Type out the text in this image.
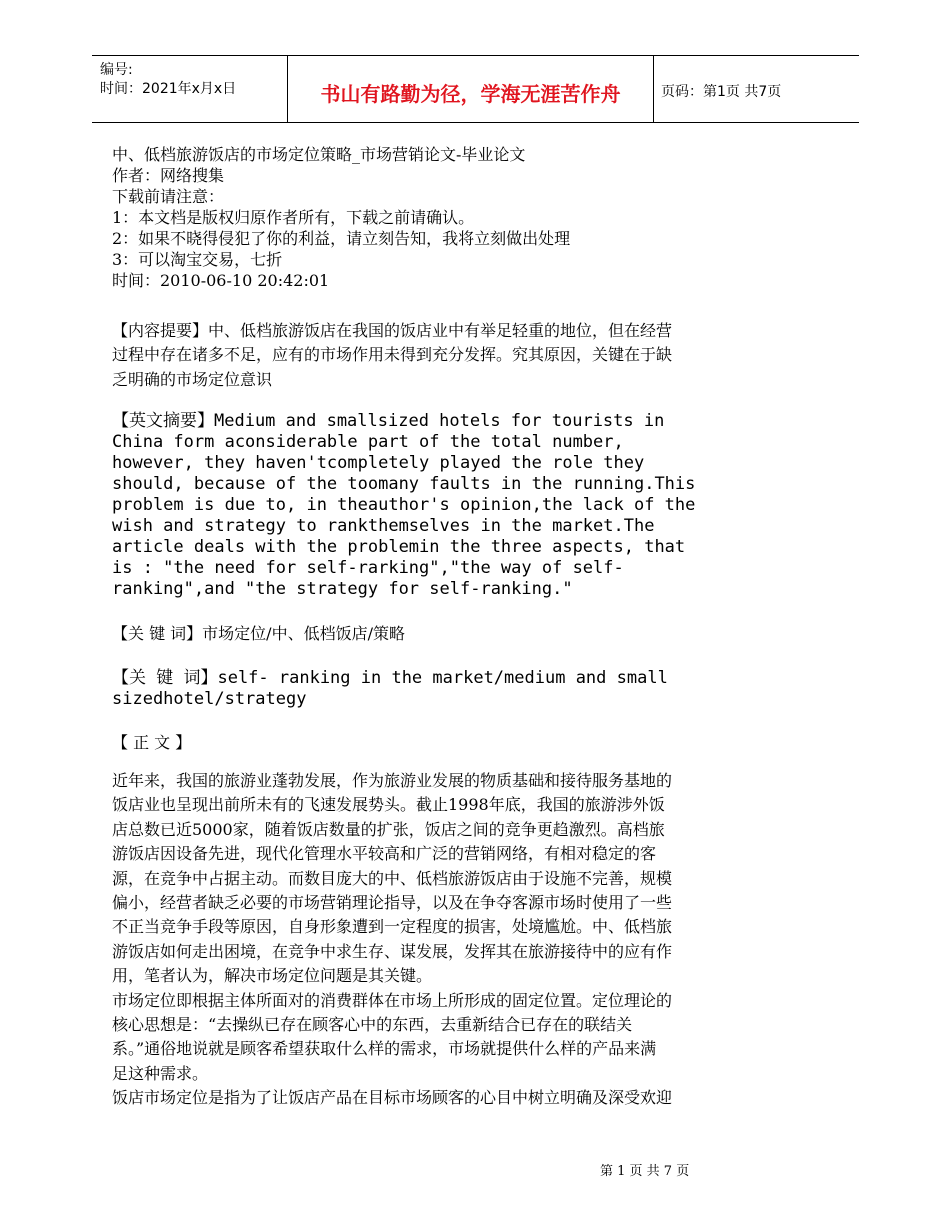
编号:
时间：2021年x月x日	书山有路勤为径，学海无涯苦作舟	页码：第1页 共7页
中、低档旅游饭店的市场定位策略_市场营销论文-毕业论文
作者：网络搜集
下载前请注意：
1：本文档是版权归原作者所有，下载之前请确认。
2：如果不晓得侵犯了你的利益，请立刻告知，我将立刻做出处理
3：可以淘宝交易，七折
时间：2010-06-10 20:42:01
【内容提要】中、低档旅游饭店在我国的饭店业中有举足轻重的地位，但在经营
过程中存在诸多不足，应有的市场作用未得到充分发挥。究其原因，关键在于缺
乏明确的市场定位意识
【英文摘要】Medium and smallsized hotels for tourists in
China form aconsiderable part of the total number,
however, they haven'tcompletely played the role they
should, because of the toomany faults in the running.This
problem is due to, in theauthor's opinion,the lack of the
wish and strategy to rankthemselves in the market.The
article deals with the problemin the three aspects, that
is : "the need for self-rarking","the way of self-
ranking",and "the strategy for self-ranking."
【关 键 词】市场定位/中、低档饭店/策略
【关 键 词】self- ranking in the market/medium and small
sizedhotel/strategy
【 正 文 】
近年来，我国的旅游业蓬勃发展，作为旅游业发展的物质基础和接待服务基地的
饭店业也呈现出前所未有的飞速发展势头。截止1998年底，我国的旅游涉外饭
店总数已近5000家，随着饭店数量的扩张，饭店之间的竞争更趋激烈。高档旅
游饭店因设备先进，现代化管理水平较高和广泛的营销网络，有相对稳定的客
源，在竞争中占据主动。而数目庞大的中、低档旅游饭店由于设施不完善，规模
偏小，经营者缺乏必要的市场营销理论指导，以及在争夺客源市场时使用了一些
不正当竞争手段等原因，自身形象遭到一定程度的损害，处境尴尬。中、低档旅
游饭店如何走出困境，在竞争中求生存、谋发展，发挥其在旅游接待中的应有作
用，笔者认为，解决市场定位问题是其关键。
市场定位即根据主体所面对的消费群体在市场上所形成的固定位置。定位理论的
核心思想是：“去操纵已存在顾客心中的东西，去重新结合已存在的联结关
系。”通俗地说就是顾客希望获取什么样的需求，市场就提供什么样的产品来满
足这种需求。
饭店市场定位是指为了让饭店产品在目标市场顾客的心目中树立明确及深受欢迎
第 1 页 共 7 页
